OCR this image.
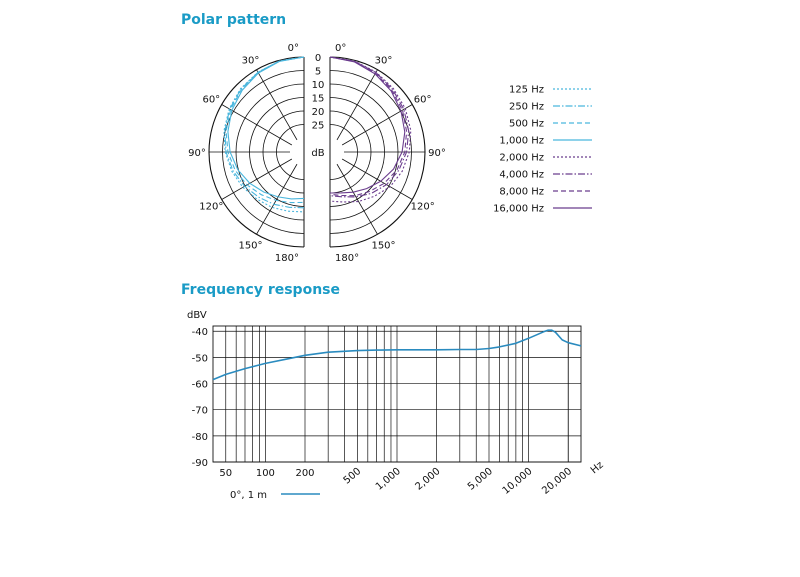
Polar pattern
Frequency response
0°
30°
60°
90°
120°
150°
180°
0°
30°
60°
90°
120°
150°
180°
0
5
10
15
20
25
dB
125 Hz
250 Hz
500 Hz
1,000 Hz
2,000 Hz
4,000 Hz
8,000 Hz
16,000 Hz
-40
-50
-60
-70
-80
-90
dBV
50 100 200	500 1,000 2,000 5,000 10,000 20,000 Hz
0°, 1 m
